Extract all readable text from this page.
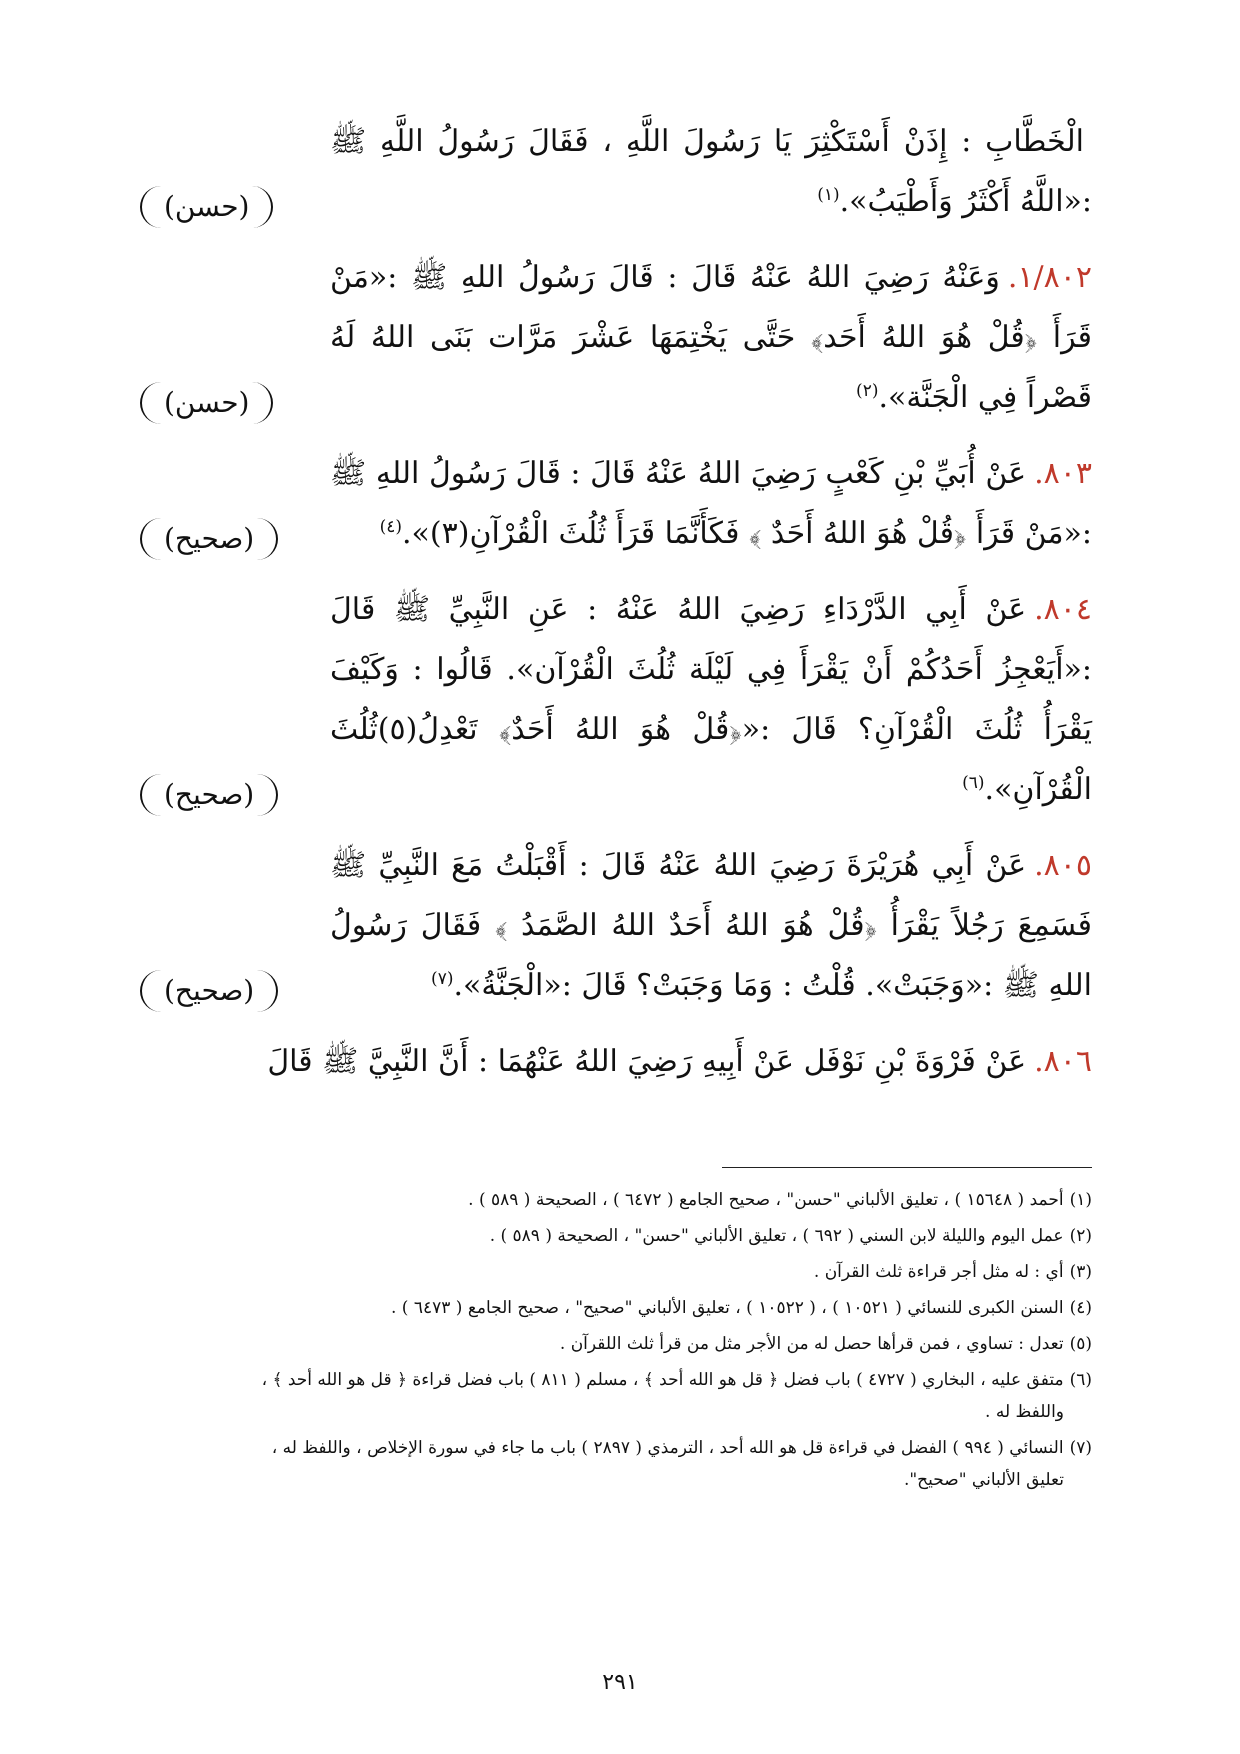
الْخَطَّابِ : إِذَنْ أَسْتَكْثِرَ يَا رَسُولَ اللَّهِ ، فَقَالَ رَسُولُ اللَّهِ ﷺ :«اللَّهُ أَكْثَرُ وَأَطْيَبُ».$^{(١)}$
(حسن)
١/٨٠٢.وَعَنْهُ رَضِيَ اللهُ عَنْهُ قَالَ : قَالَ رَسُولُ اللهِ ﷺ :«مَنْ قَرَأَ ﴿قُلْ هُوَ اللهُ أَحَد﴾ حَتَّى يَخْتِمَهَا عَشْرَ مَرَّات بَنَى اللهُ لَهُ قَصْراً فِي الْجَنَّة».$^{(٢)}$
(حسن)
٨٠٣.عَنْ أُبَيِّ بْنِ كَعْبٍ رَضِيَ اللهُ عَنْهُ قَالَ : قَالَ رَسُولُ اللهِ ﷺ :«مَنْ قَرَأَ ﴿قُلْ هُوَ اللهُ أَحَدٌ ﴾ فَكَأَنَّمَا قَرَأَ ثُلُثَ الْقُرْآنِ(٣)».$^{(٤)}$
(صحيح)
٨٠٤.عَنْ أَبِي الدَّرْدَاءِ رَضِيَ اللهُ عَنْهُ : عَنِ النَّبِيِّ ﷺ قَالَ :«أَيَعْجِزُ أَحَدُكُمْ أَنْ يَقْرَأَ فِي لَيْلَة ثُلُثَ الْقُرْآن». قَالُوا : وَكَيْفَ يَقْرَأُ ثُلُثَ الْقُرْآنِ؟ قَالَ :«﴿قُلْ هُوَ اللهُ أَحَدٌ﴾ تَعْدِلُ(٥)ثُلُثَ الْقُرْآنِ».$^{(٦)}$
(صحيح)
٨٠٥.عَنْ أَبِي هُرَيْرَةَ رَضِيَ اللهُ عَنْهُ قَالَ : أَقْبَلْتُ مَعَ النَّبِيِّ ﷺ فَسَمِعَ رَجُلاً يَقْرَأُ ﴿قُلْ هُوَ اللهُ أَحَدٌ اللهُ الصَّمَدُ ﴾ فَقَالَ رَسُولُ اللهِ ﷺ :«وَجَبَتْ». قُلْتُ : وَمَا وَجَبَتْ؟ قَالَ :«الْجَنَّةُ».$^{(٧)}$
(صحيح)
٨٠٦.عَنْ فَرْوَةَ بْنِ نَوْفَل عَنْ أَبِيهِ رَضِيَ اللهُ عَنْهُمَا : أَنَّ النَّبِيَّ ﷺ قَالَ
(١)أحمد ( ١٥٦٤٨ ) ، تعليق الألباني "حسن" ، صحيح الجامع ( ٦٤٧٢ ) ، الصحيحة ( ٥٨٩ ) .
(٢)عمل اليوم والليلة لابن السني ( ٦٩٢ ) ، تعليق الألباني "حسن" ، الصحيحة ( ٥٨٩ ) .
(٣)أي : له مثل أجر قراءة ثلث القرآن .
(٤)السنن الكبرى للنسائي ( ١٠٥٢١ ) ، ( ١٠٥٢٢ ) ، تعليق الألباني "صحيح" ، صحيح الجامع ( ٦٤٧٣ ) .
(٥)تعدل : تساوي ، فمن قرأها حصل له من الأجر مثل من قرأ ثلث اللقرآن .
(٦)متفق عليه ، البخاري ( ٤٧٢٧ ) باب فضل ﴿ قل هو الله أحد ﴾ ، مسلم ( ٨١١ ) باب فضل قراءة ﴿ قل هو الله أحد ﴾ ،
واللفظ له .
(٧)النسائي ( ٩٩٤ ) الفضل في قراءة قل هو الله أحد ، الترمذي ( ٢٨٩٧ ) باب ما جاء في سورة الإخلاص ، واللفظ له ،
تعليق الألباني "صحيح".
٢٩١
